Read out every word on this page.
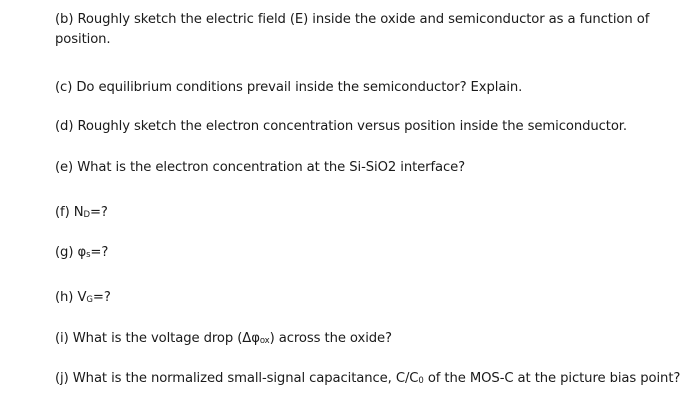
(b) Roughly sketch the electric field (E) inside the oxide and semiconductor as a function of position.

(c) Do equilibrium conditions prevail inside the semiconductor? Explain.

(d) Roughly sketch the electron concentration versus position inside the semiconductor.

(e) What is the electron concentration at the Si-SiO2 interface?

(f) ND=?

(g) φs=?

(h) VG=?

(i) What is the voltage drop (Δφox) across the oxide?

(j) What is the normalized small-signal capacitance, C/C0 of the MOS-C at the picture bias point?
